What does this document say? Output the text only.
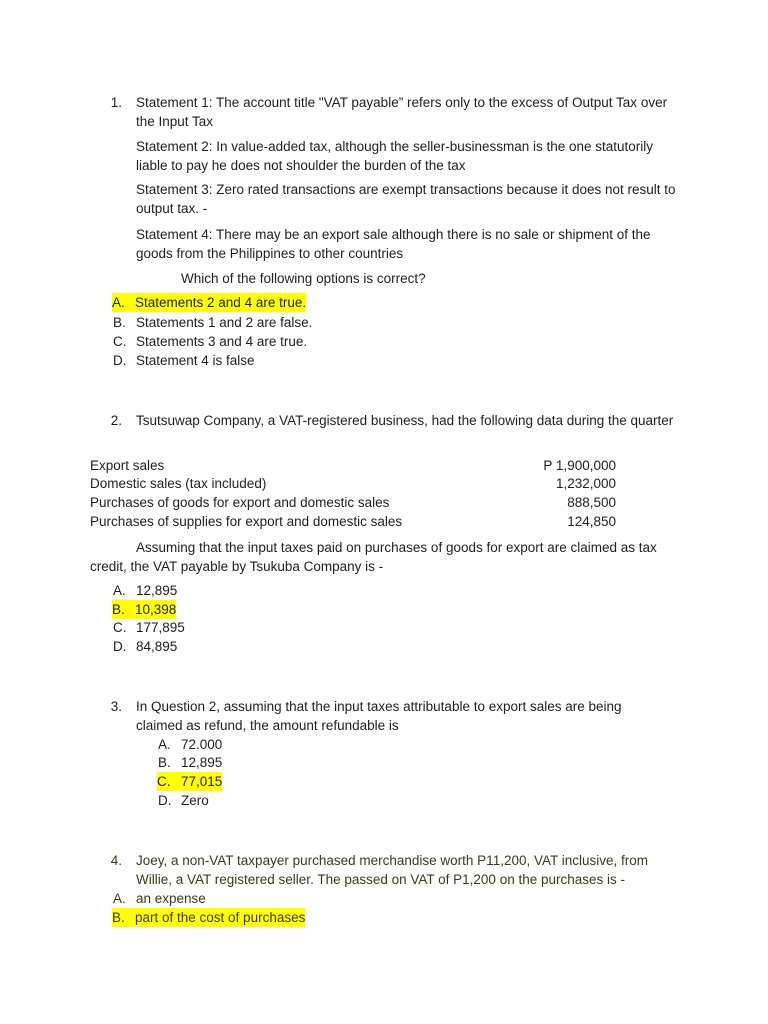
1. Statement 1: The account title "VAT payable” refers only to the excess of Output Tax over the Input Tax

Statement 2: In value-added tax, although the seller-businessman is the one statutorily liable to pay he does not shoulder the burden of the tax

Statement 3: Zero rated transactions are exempt transactions because it does not result to output tax. -

Statement 4: There may be an export sale although there is no sale or shipment of the goods from the Philippines to other countries

Which of the following options is correct?

A. Statements 2 and 4 are true.
B. Statements 1 and 2 are false.
C. Statements 3 and 4 are true.
D. Statement 4 is false
2. Tsutsuwap Company, a VAT-registered business, had the following data during the quarter

Export sales	P 1,900,000
Domestic sales (tax included)	1,232,000
Purchases of goods for export and domestic sales	888,500
Purchases of supplies for export and domestic sales	124,850

Assuming that the input taxes paid on purchases of goods for export are claimed as tax

credit, the VAT payable by Tsukuba Company is -

A. 12,895
B. 10,398
C. 177,895
D. 84,895
3. In Question 2, assuming that the input taxes attributable to export sales are being claimed as refund, the amount refundable is

A. 72.000
B. 12,895
C. 77,015
D. Zero
4. Joey, a non-VAT taxpayer purchased merchandise worth P11,200, VAT inclusive, from Willie, a VAT registered seller. The passed on VAT of P1,200 on the purchases is -

A. an expense
B. part of the cost of purchases
